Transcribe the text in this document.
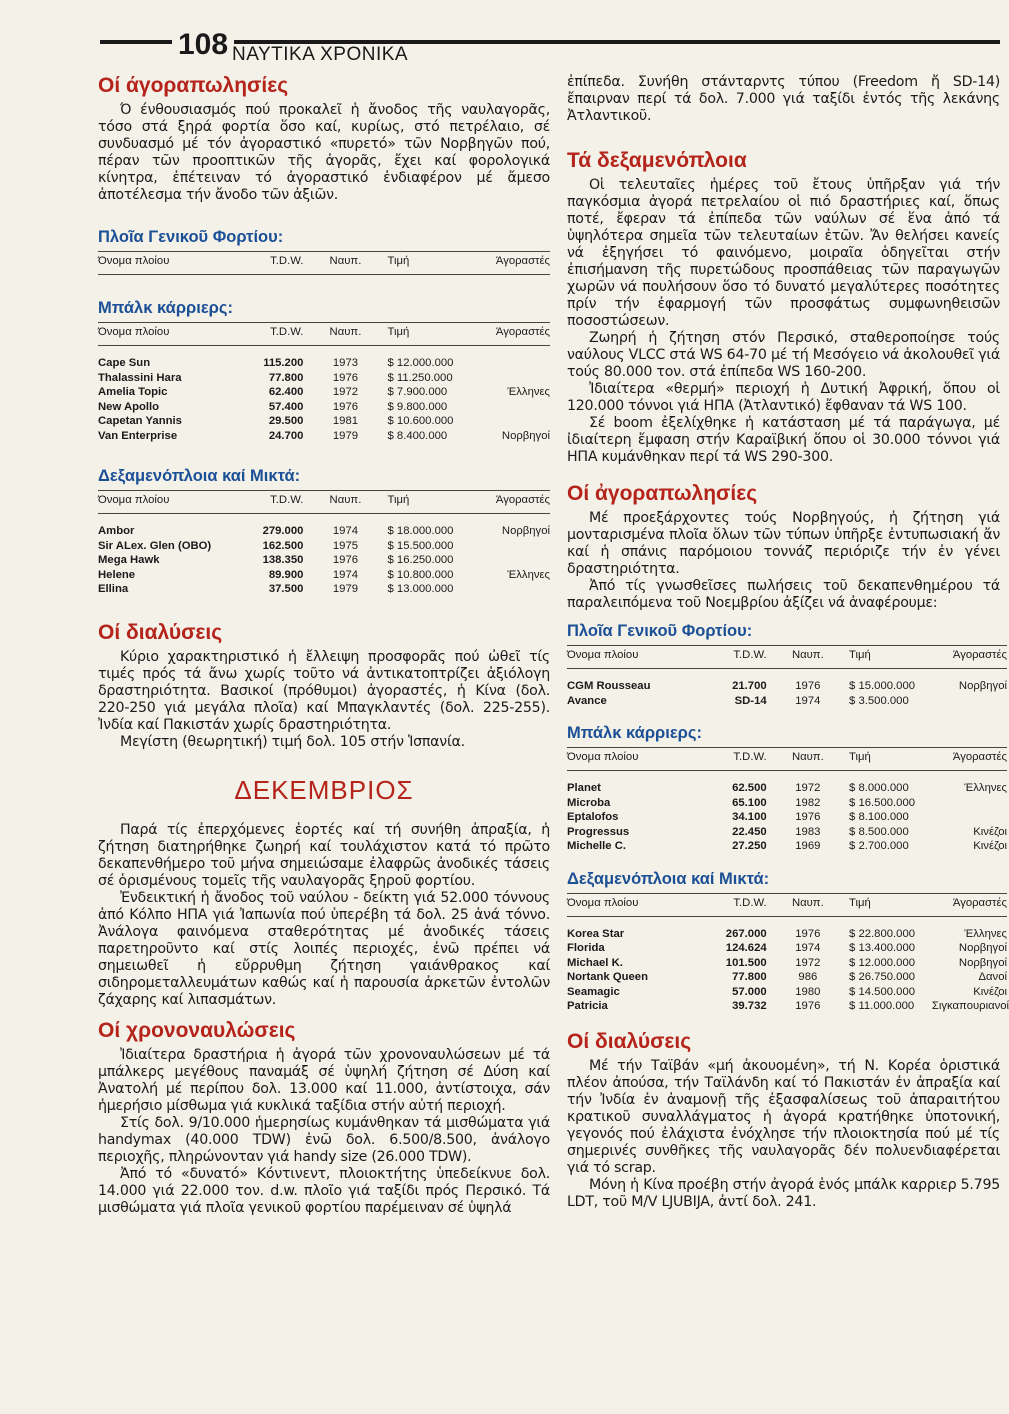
108 ΝΑΥΤΙΚΑ ΧΡΟΝΙΚΑ
Οί άγοραπωλησίες

Ό ένθουσιασμός πού προκαλεῖ ἡ ἄνοδος τῆς ναυλαγορᾶς, τόσο στά ξηρά φορτία ὅσο καί, κυρίως, στό πετρέλαιο, σέ συνδυασμό μέ τόν ἀγοραστικό «πυρετό» τῶν Νορβηγῶν πού, πέραν τῶν προοπτικῶν τῆς ἀγορᾶς, ἔχει καί φορολογικά κίνητρα, ἐπέτειναν τό ἀγοραστικό ἐνδιαφέρον μέ ἄμεσο ἀποτέλεσμα τήν ἄνοδο τῶν ἀξιῶν.

Πλοῖα Γενικοῦ Φορτίου:
Όνομα πλοίου	T.D.W.	Ναυπ.	Τιμή	Άγοραστές
Μπάλκ κάρριερς:
Όνομα πλοίου	T.D.W.	Ναυπ.	Τιμή	Άγοραστές

Cape Sun	115.200	1973	$ 12.000.000	
Thalassini Hara	77.800	1976	$ 11.250.000	
Amelia Topic	62.400	1972	$ 7.900.000	Έλληνες
New Apollo	57.400	1976	$ 9.800.000	
Capetan Yannis	29.500	1981	$ 10.600.000	
Van Enterprise	24.700	1979	$ 8.400.000	Νορβηγοί
Δεξαμενόπλοια καί Μικτά:
Όνομα πλοίου	T.D.W.	Ναυπ.	Τιμή	Άγοραστές

Ambor	279.000	1974	$ 18.000.000	Νορβηγοί
Sir ALex. Glen (OBO)	162.500	1975	$ 15.500.000	
Mega Hawk	138.350	1976	$ 16.250.000	
Helene	89.900	1974	$ 10.800.000	Έλληνες
Ellina	37.500	1979	$ 13.000.000	
Οί διαλύσεις

Κύριο χαρακτηριστικό ἡ ἔλλειψη προσφορᾶς πού ὠθεῖ τίς τιμές πρός τά ἄνω χωρίς τοῦτο νά ἀντικατοπτρίζει ἀξιόλογη δραστηριότητα. Βασικοί (πρόθυμοι) ἀγοραστές, ἡ Κίνα (δολ. 220-250 γιά μεγάλα πλοῖα) καί Μπαγκλαντές (δολ. 225-255). Ἰνδία καί Πακιστάν χωρίς δραστηριότητα.

Μεγίστη (θεωρητική) τιμή δολ. 105 στήν Ἱσπανία.

ΔΕΚΕΜΒΡΙΟΣ

Παρά τίς ἐπερχόμενες ἑορτές καί τή συνήθη ἀπραξία, ἡ ζήτηση διατηρήθηκε ζωηρή καί τουλάχιστον κατά τό πρῶτο δεκαπενθήμερο τοῦ μήνα σημειώσαμε ἐλαφρῶς ἀνοδικές τάσεις σέ ὁρισμένους τομεῖς τῆς ναυλαγορᾶς ξηροῦ φορτίου.

Ἐνδεικτική ἡ ἄνοδος τοῦ ναύλου - δείκτη γιά 52.000 τόννους ἀπό Κόλπο ΗΠΑ γιά Ἰαπωνία πού ὑπερέβη τά δολ. 25 ἀνά τόννο. Ἀνάλογα φαινόμενα σταθερότητας μέ ἀνοδικές τάσεις παρετηροῦντο καί στίς λοιπές περιοχές, ἐνῶ πρέπει νά σημειωθεῖ ἡ εὔρρυθμη ζήτηση γαιάνθρακος καί σιδηρομεταλλευμάτων καθώς καί ἡ παρουσία ἀρκετῶν ἐντολῶν ζάχαρης καί λιπασμάτων.

Οί χρονοναυλώσεις

Ἰδιαίτερα δραστήρια ἡ ἀγορά τῶν χρονοναυλώσεων μέ τά μπάλκερς μεγέθους παναμάξ σέ ὑψηλή ζήτηση σέ Δύση καί Ἀνατολή μέ περίπου δολ. 13.000 καί 11.000, ἀντίστοιχα, σάν ἡμερήσιο μίσθωμα γιά κυκλικά ταξίδια στήν αὐτή περιοχή.

Στίς δολ. 9/10.000 ἡμερησίως κυμάνθηκαν τά μισθώματα γιά handymax (40.000 TDW) ἐνῶ δολ. 6.500/8.500, ἀνάλογο περιοχῆς, πληρώνονταν γιά handy size (26.000 TDW).

Ἀπό τό «δυνατό» Κόντινεντ, πλοιοκτήτης ὑπεδείκνυε δολ. 14.000 γιά 22.000 τον. d.w. πλοῖο γιά ταξίδι πρός Περσικό. Τά μισθώματα γιά πλοῖα γενικοῦ φορτίου παρέμειναν σέ ὑψηλά

ἐπίπεδα. Συνήθη στάνταρντς τύπου (Freedom ἤ SD-14) ἔπαιρναν περί τά δολ. 7.000 γιά ταξίδι ἐντός τῆς λεκάνης Ἀτλαντικοῦ.

Τά δεξαμενόπλοια

Οἱ τελευταῖες ἡμέρες τοῦ ἔτους ὑπῆρξαν γιά τήν παγκόσμια ἀγορά πετρελαίου οἱ πιό δραστήριες καί, ὅπως ποτέ, ἔφεραν τά ἐπίπεδα τῶν ναύλων σέ ἕνα ἀπό τά ὑψηλότερα σημεῖα τῶν τελευταίων ἐτῶν. Ἄν θελήσει κανείς νά ἐξηγήσει τό φαινόμενο, μοιραῖα ὁδηγεῖται στήν ἐπισήμανση τῆς πυρετώδους προσπάθειας τῶν παραγωγῶν χωρῶν νά πουλήσουν ὅσο τό δυνατό μεγαλύτερες ποσότητες πρίν τήν ἐφαρμογή τῶν προσφάτως συμφωνηθεισῶν ποσοστώσεων.

Ζωηρή ἡ ζήτηση στόν Περσικό, σταθεροποίησε τούς ναύλους VLCC στά WS 64-70 μέ τή Μεσόγειο νά ἀκολουθεῖ γιά τούς 80.000 τον. στά ἐπίπεδα WS 160-200.

Ἰδιαίτερα «θερμή» περιοχή ἡ Δυτική Ἀφρική, ὅπου οἱ 120.000 τόννοι γιά ΗΠΑ (Ἀτλαντικό) ἔφθαναν τά WS 100.

Σέ boom ἐξελίχθηκε ἡ κατάσταση μέ τά παράγωγα, μέ ἰδιαίτερη ἔμφαση στήν Καραϊβική ὅπου οἱ 30.000 τόννοι γιά ΗΠΑ κυμάνθηκαν περί τά WS 290-300.

Οί ἀγοραπωλησίες

Μέ προεξάρχοντες τούς Νορβηγούς, ἡ ζήτηση γιά μονταρισμένα πλοῖα ὅλων τῶν τύπων ὑπῆρξε ἐντυπωσιακή ἄν καί ἡ σπάνις παρόμοιου τοννάζ περιόριζε τήν ἐν γένει δραστηριότητα.

Ἀπό τίς γνωσθεῖσες πωλήσεις τοῦ δεκαπενθημέρου τά παραλειπόμενα τοῦ Νοεμβρίου ἀξίζει νά ἀναφέρουμε:

Πλοῖα Γενικοῦ Φορτίου:
Όνομα πλοίου	T.D.W.	Ναυπ.	Τιμή	Άγοραστές

CGM Rousseau	21.700	1976	$ 15.000.000	Νορβηγοί
Avance	SD-14	1974	$ 3.500.000	
Μπάλκ κάρριερς:
Όνομα πλοίου	T.D.W.	Ναυπ.	Τιμή	Άγοραστές

Planet	62.500	1972	$ 8.000.000	Έλληνες
Microba	65.100	1982	$ 16.500.000	
Eptalofos	34.100	1976	$ 8.100.000	
Progressus	22.450	1983	$ 8.500.000	Κινέζοι
Michelle C.	27.250	1969	$ 2.700.000	Κινέζοι
Δεξαμενόπλοια καί Μικτά:
Όνομα πλοίου	T.D.W.	Ναυπ.	Τιμή	Άγοραστές

Korea Star	267.000	1976	$ 22.800.000	Έλληνες
Florida	124.624	1974	$ 13.400.000	Νορβηγοί
Michael K.	101.500	1972	$ 12.000.000	Νορβηγοί
Nortank Queen	77.800	986	$ 26.750.000	Δανοί
Seamagic	57.000	1980	$ 14.500.000	Κινέζοι
Patricia	39.732	1976	$ 11.000.000	Σιγκαπουριανοί
Οί διαλύσεις

Μέ τήν Ταϊβάν «μή ἀκουομένη», τή Ν. Κορέα ὁριστικά πλέον ἀπούσα, τήν Ταϊλάνδη καί τό Πακιστάν ἐν ἀπραξία καί τήν Ἰνδία ἐν ἀναμονῇ τῆς ἐξασφαλίσεως τοῦ ἀπαραιτήτου κρατικοῦ συναλλάγματος ἡ ἀγορά κρατήθηκε ὑποτονική, γεγονός πού ἐλάχιστα ἐνόχλησε τήν πλοιοκτησία πού μέ τίς σημερινές συνθῆκες τῆς ναυλαγορᾶς δέν πολυενδιαφέρεται γιά τό scrap.

Μόνη ἡ Κίνα προέβη στήν ἀγορά ἑνός μπάλκ καρριερ 5.795 LDT, τοῦ M/V LJUBIJA, ἀντί δολ. 241.
